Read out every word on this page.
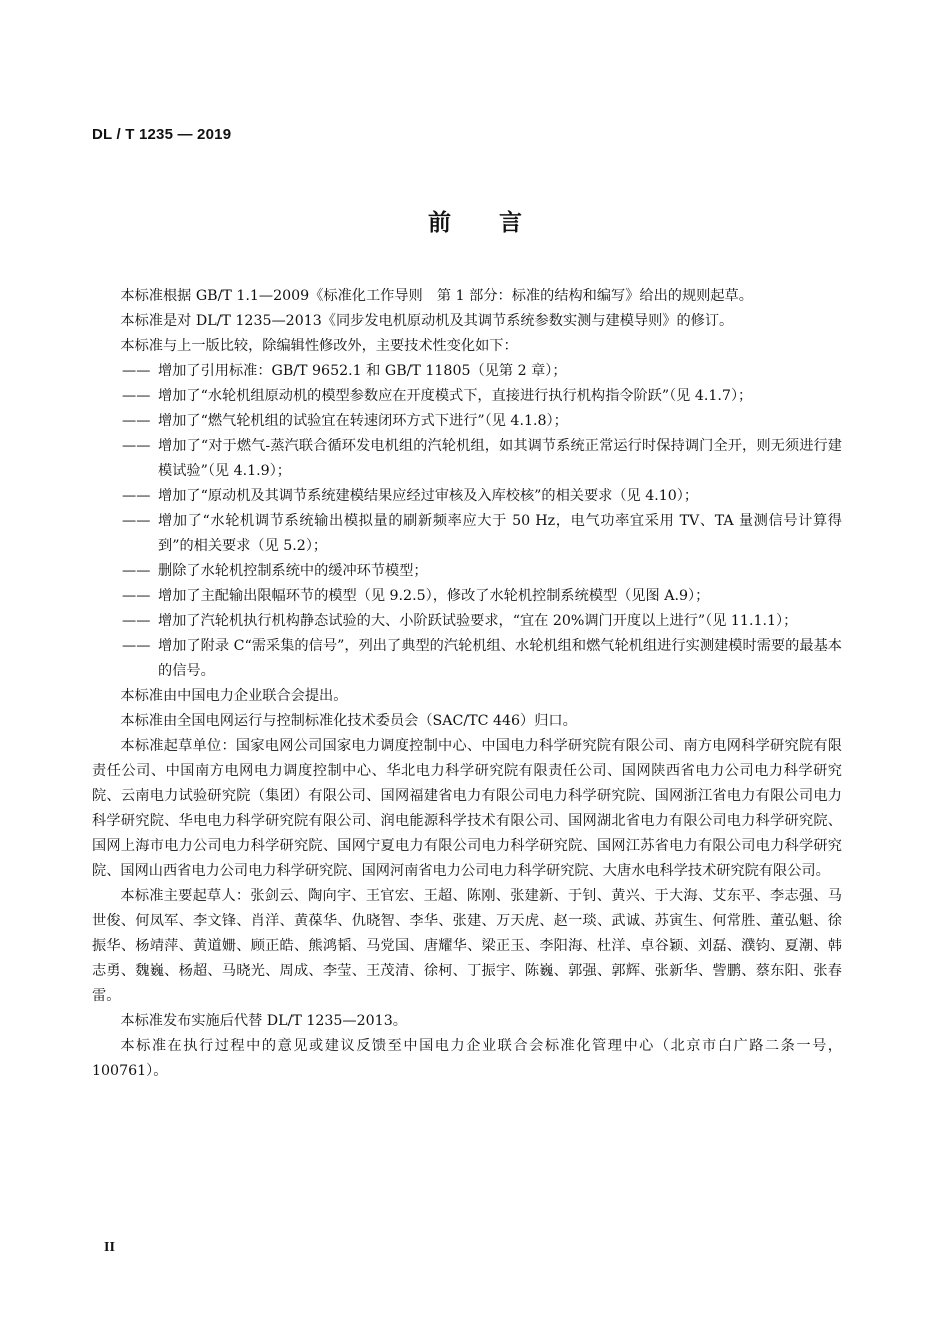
DL / T 1235 — 2019
前言

本标准根据 GB/T 1.1—2009《标准化工作导则　第 1 部分：标准的结构和编写》给出的规则起草。

本标准是对 DL/T 1235—2013《同步发电机原动机及其调节系统参数实测与建模导则》的修订。

本标准与上一版比较，除编辑性修改外，主要技术性变化如下：

—— 增加了引用标准：GB/T 9652.1 和 GB/T 11805（见第 2 章）；
—— 增加了“水轮机组原动机的模型参数应在开度模式下，直接进行执行机构指令阶跃”（见 4.1.7）；
—— 增加了“燃气轮机组的试验宜在转速闭环方式下进行”（见 4.1.8）；
—— 增加了“对于燃气-蒸汽联合循环发电机组的汽轮机组，如其调节系统正常运行时保持调门全开，则无须进行建模试验”（见 4.1.9）；
—— 增加了“原动机及其调节系统建模结果应经过审核及入库校核”的相关要求（见 4.10）；
—— 增加了“水轮机调节系统输出模拟量的刷新频率应大于 50 Hz，电气功率宜采用 TV、TA 量测信号计算得到”的相关要求（见 5.2）；
—— 删除了水轮机控制系统中的缓冲环节模型；
—— 增加了主配输出限幅环节的模型（见 9.2.5），修改了水轮机控制系统模型（见图 A.9）；
—— 增加了汽轮机执行机构静态试验的大、小阶跃试验要求，“宜在 20%调门开度以上进行”（见 11.1.1）；
—— 增加了附录 C“需采集的信号”，列出了典型的汽轮机组、水轮机组和燃气轮机组进行实测建模时需要的最基本的信号。

本标准由中国电力企业联合会提出。

本标准由全国电网运行与控制标准化技术委员会（SAC/TC 446）归口。

本标准起草单位：国家电网公司国家电力调度控制中心、中国电力科学研究院有限公司、南方电网科学研究院有限责任公司、中国南方电网电力调度控制中心、华北电力科学研究院有限责任公司、国网陕西省电力公司电力科学研究院、云南电力试验研究院（集团）有限公司、国网福建省电力有限公司电力科学研究院、国网浙江省电力有限公司电力科学研究院、华电电力科学研究院有限公司、润电能源科学技术有限公司、国网湖北省电力有限公司电力科学研究院、国网上海市电力公司电力科学研究院、国网宁夏电力有限公司电力科学研究院、国网江苏省电力有限公司电力科学研究院、国网山西省电力公司电力科学研究院、国网河南省电力公司电力科学研究院、大唐水电科学技术研究院有限公司。

本标准主要起草人：张剑云、陶向宇、王官宏、王超、陈刚、张建新、于钊、黄兴、于大海、艾东平、李志强、马世俊、何凤军、李文锋、肖洋、黄葆华、仇晓智、李华、张建、万天虎、赵一琰、武诚、苏寅生、何常胜、董弘魁、徐振华、杨靖萍、黄道姗、顾正皓、熊鸿韬、马党国、唐耀华、梁正玉、李阳海、杜洋、卓谷颖、刘磊、濮钧、夏潮、韩志勇、魏巍、杨超、马晓光、周成、李莹、王茂清、徐柯、丁振宇、陈巍、郭强、郭辉、张新华、訾鹏、蔡东阳、张春雷。

本标准发布实施后代替 DL/T 1235—2013。

本标准在执行过程中的意见或建议反馈至中国电力企业联合会标准化管理中心（北京市白广路二条一号，100761）。

II
